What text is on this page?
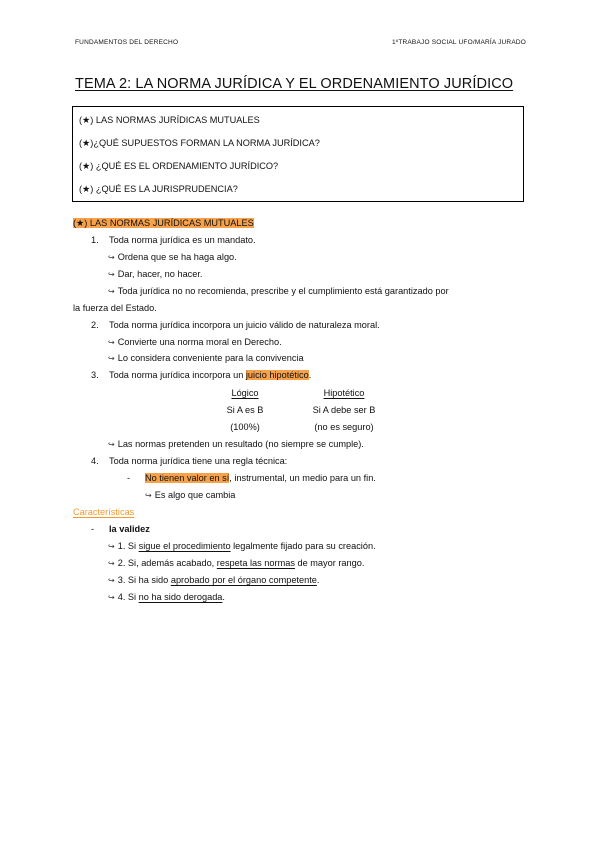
FUNDAMENTOS DEL DERECHO	1ºTRABAJO SOCIAL UFO/MARÍA JURADO
TEMA 2: LA NORMA JURÍDICA Y EL ORDENAMIENTO JURÍDICO
(★) LAS NORMAS JURÍDICAS MUTUALES
(★)¿QUÉ SUPUESTOS FORMAN LA NORMA JURÍDICA?
(★) ¿QUÉ ES EL ORDENAMIENTO JURÍDICO?
(★) ¿QUÉ ES LA JURISPRUDENCIA?
(★) LAS NORMAS JURÍDICAS MUTUALES
1. Toda norma jurídica es un mandato.
↪ Ordena que se ha haga algo.
↪ Dar, hacer, no hacer.
↪ Toda jurídica no no recomienda, prescribe y el cumplimiento está garantizado por
la fuerza del Estado.
2. Toda norma jurídica incorpora un juicio válido de naturaleza moral.
↪ Convierte una norma moral en Derecho.
↪ Lo considera conveniente para la convivencia
3. Toda norma jurídica incorpora un juicio hipotético.
Lógico	Hipotético
Si A es B	Si A debe ser B
(100%)	(no es seguro)
↪ Las normas pretenden un resultado (no siempre se cumple).
4. Toda norma jurídica tiene una regla técnica:
- No tienen valor en sí, instrumental, un medio para un fin.
↪ Es algo que cambia
Características
- la validez
↪ 1. Si sigue el procedimiento legalmente fijado para su creación.
↪ 2. Si, además acabado, respeta las normas de mayor rango.
↪ 3. Si ha sido aprobado por el órgano competente.
↪ 4. Si no ha sido derogada.
